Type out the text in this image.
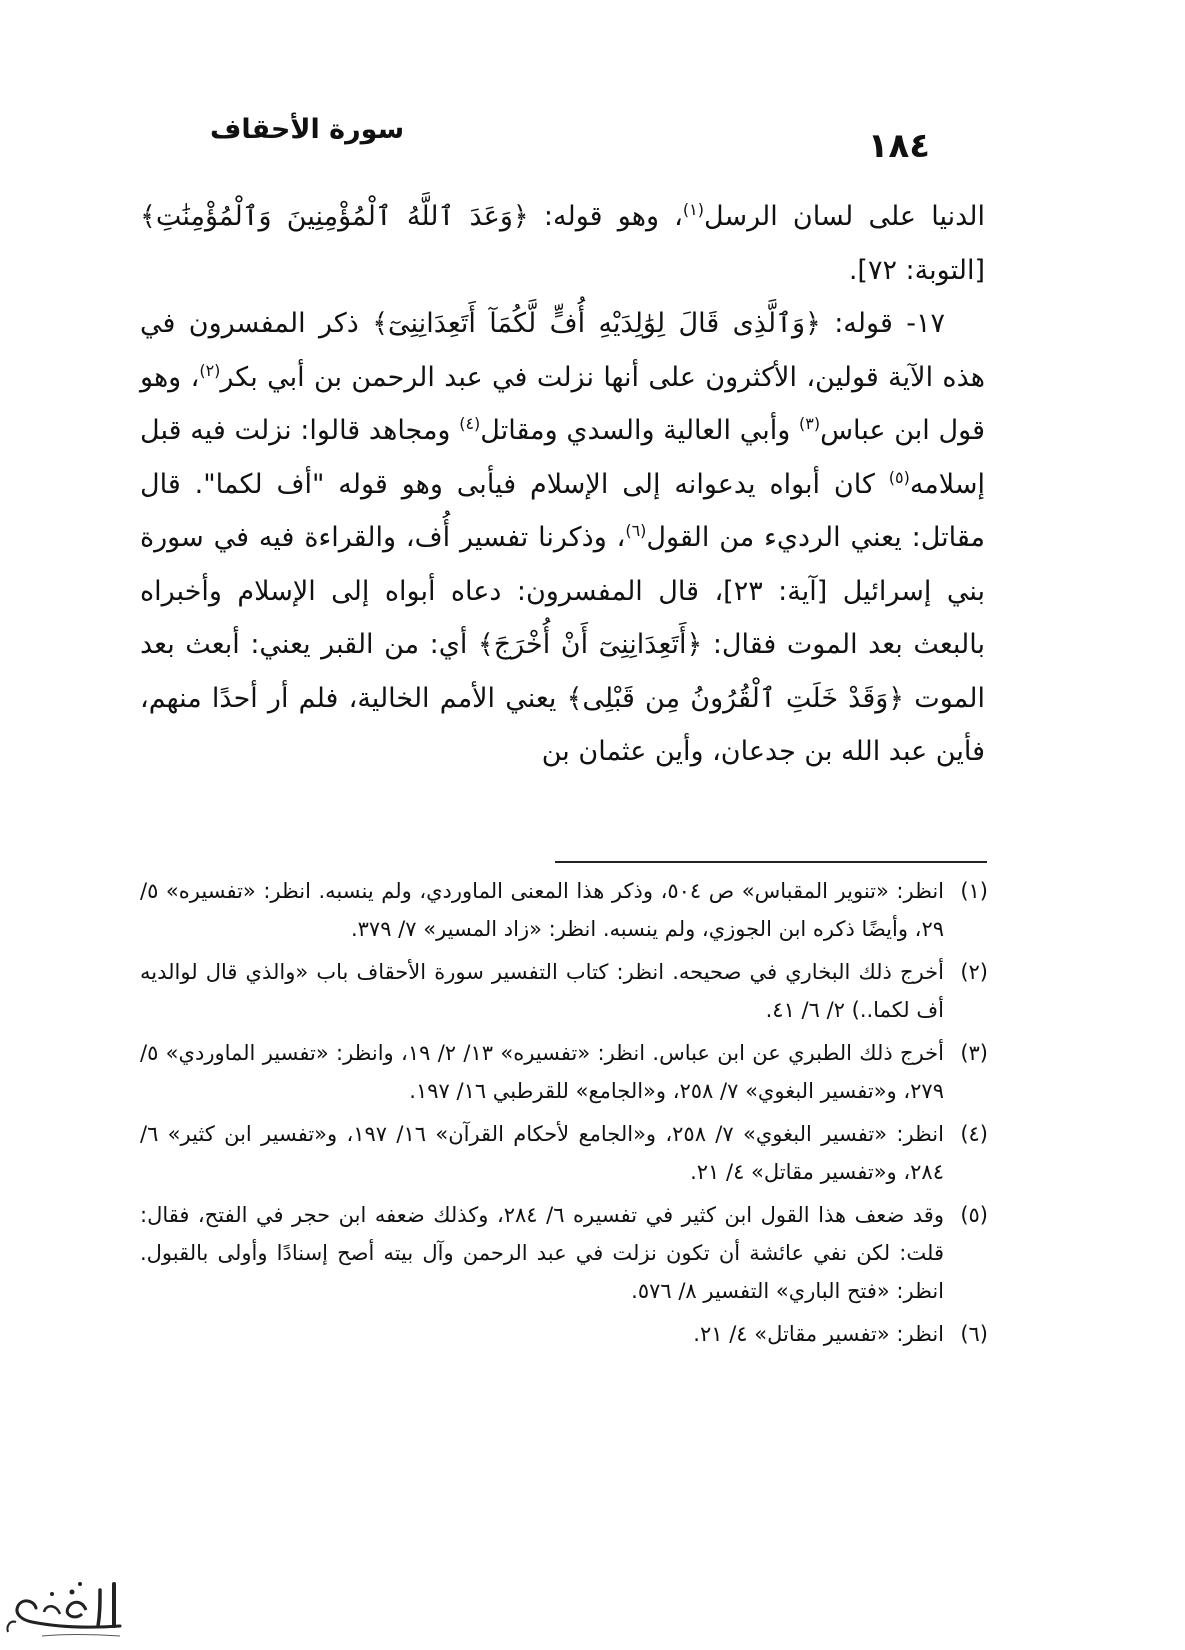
١٨٤
سورة الأحقاف

الدنيا على لسان الرسل$^{(١)}$، وهو قوله: ﴿وَعَدَ ٱللَّهُ ٱلْمُؤْمِنِينَ وَٱلْمُؤْمِنَٰتِ﴾ [التوبة: ٧٢].

١٧- قوله: ﴿وَٱلَّذِى قَالَ لِوَٰلِدَيْهِ أُفٍّ لَّكُمَآ أَتَعِدَانِنِىٓ﴾ ذكر المفسرون في هذه الآية قولين، الأكثرون على أنها نزلت في عبد الرحمن بن أبي بكر$^{(٢)}$، وهو قول ابن عباس$^{(٣)}$ وأبي العالية والسدي ومقاتل$^{(٤)}$ ومجاهد قالوا: نزلت فيه قبل إسلامه$^{(٥)}$ كان أبواه يدعوانه إلى الإسلام فيأبى وهو قوله "أف لكما". قال مقاتل: يعني الرديء من القول$^{(٦)}$، وذكرنا تفسير أُف، والقراءة فيه في سورة بني إسرائيل [آية: ٢٣]، قال المفسرون: دعاه أبواه إلى الإسلام وأخبراه بالبعث بعد الموت فقال: ﴿أَتَعِدَانِنِىٓ أَنْ أُخْرَجَ﴾ أي: من القبر يعني: أبعث بعد الموت ﴿وَقَدْ خَلَتِ ٱلْقُرُونُ مِن قَبْلِى﴾ يعني الأمم الخالية، فلم أر أحدًا منهم، فأين عبد الله بن جدعان، وأين عثمان بن

(١)
انظر: «تنوير المقباس» ص ٥٠٤، وذكر هذا المعنى الماوردي، ولم ينسبه. انظر: «تفسيره» ٥/ ٢٩، وأيضًا ذكره ابن الجوزي، ولم ينسبه. انظر: «زاد المسير» ٧/ ٣٧٩.
(٢)
أخرج ذلك البخاري في صحيحه. انظر: كتاب التفسير سورة الأحقاف باب «والذي قال لوالديه أف لكما..) ٢/ ٦/ ٤١.
(٣)
أخرج ذلك الطبري عن ابن عباس. انظر: «تفسيره» ١٣/ ٢/ ١٩، وانظر: «تفسير الماوردي» ٥/ ٢٧٩، و«تفسير البغوي» ٧/ ٢٥٨، و«الجامع» للقرطبي ١٦/ ١٩٧.
(٤)
انظر: «تفسير البغوي» ٧/ ٢٥٨، و«الجامع لأحكام القرآن» ١٦/ ١٩٧، و«تفسير ابن كثير» ٦/ ٢٨٤، و«تفسير مقاتل» ٤/ ٢١.
(٥)
وقد ضعف هذا القول ابن كثير في تفسيره ٦/ ٢٨٤، وكذلك ضعفه ابن حجر في الفتح، فقال: قلت: لكن نفي عائشة أن تكون نزلت في عبد الرحمن وآل بيته أصح إسنادًا وأولى بالقبول. انظر: «فتح الباري» التفسير ٨/ ٥٧٦.
(٦)
انظر: «تفسير مقاتل» ٤/ ٢١.
